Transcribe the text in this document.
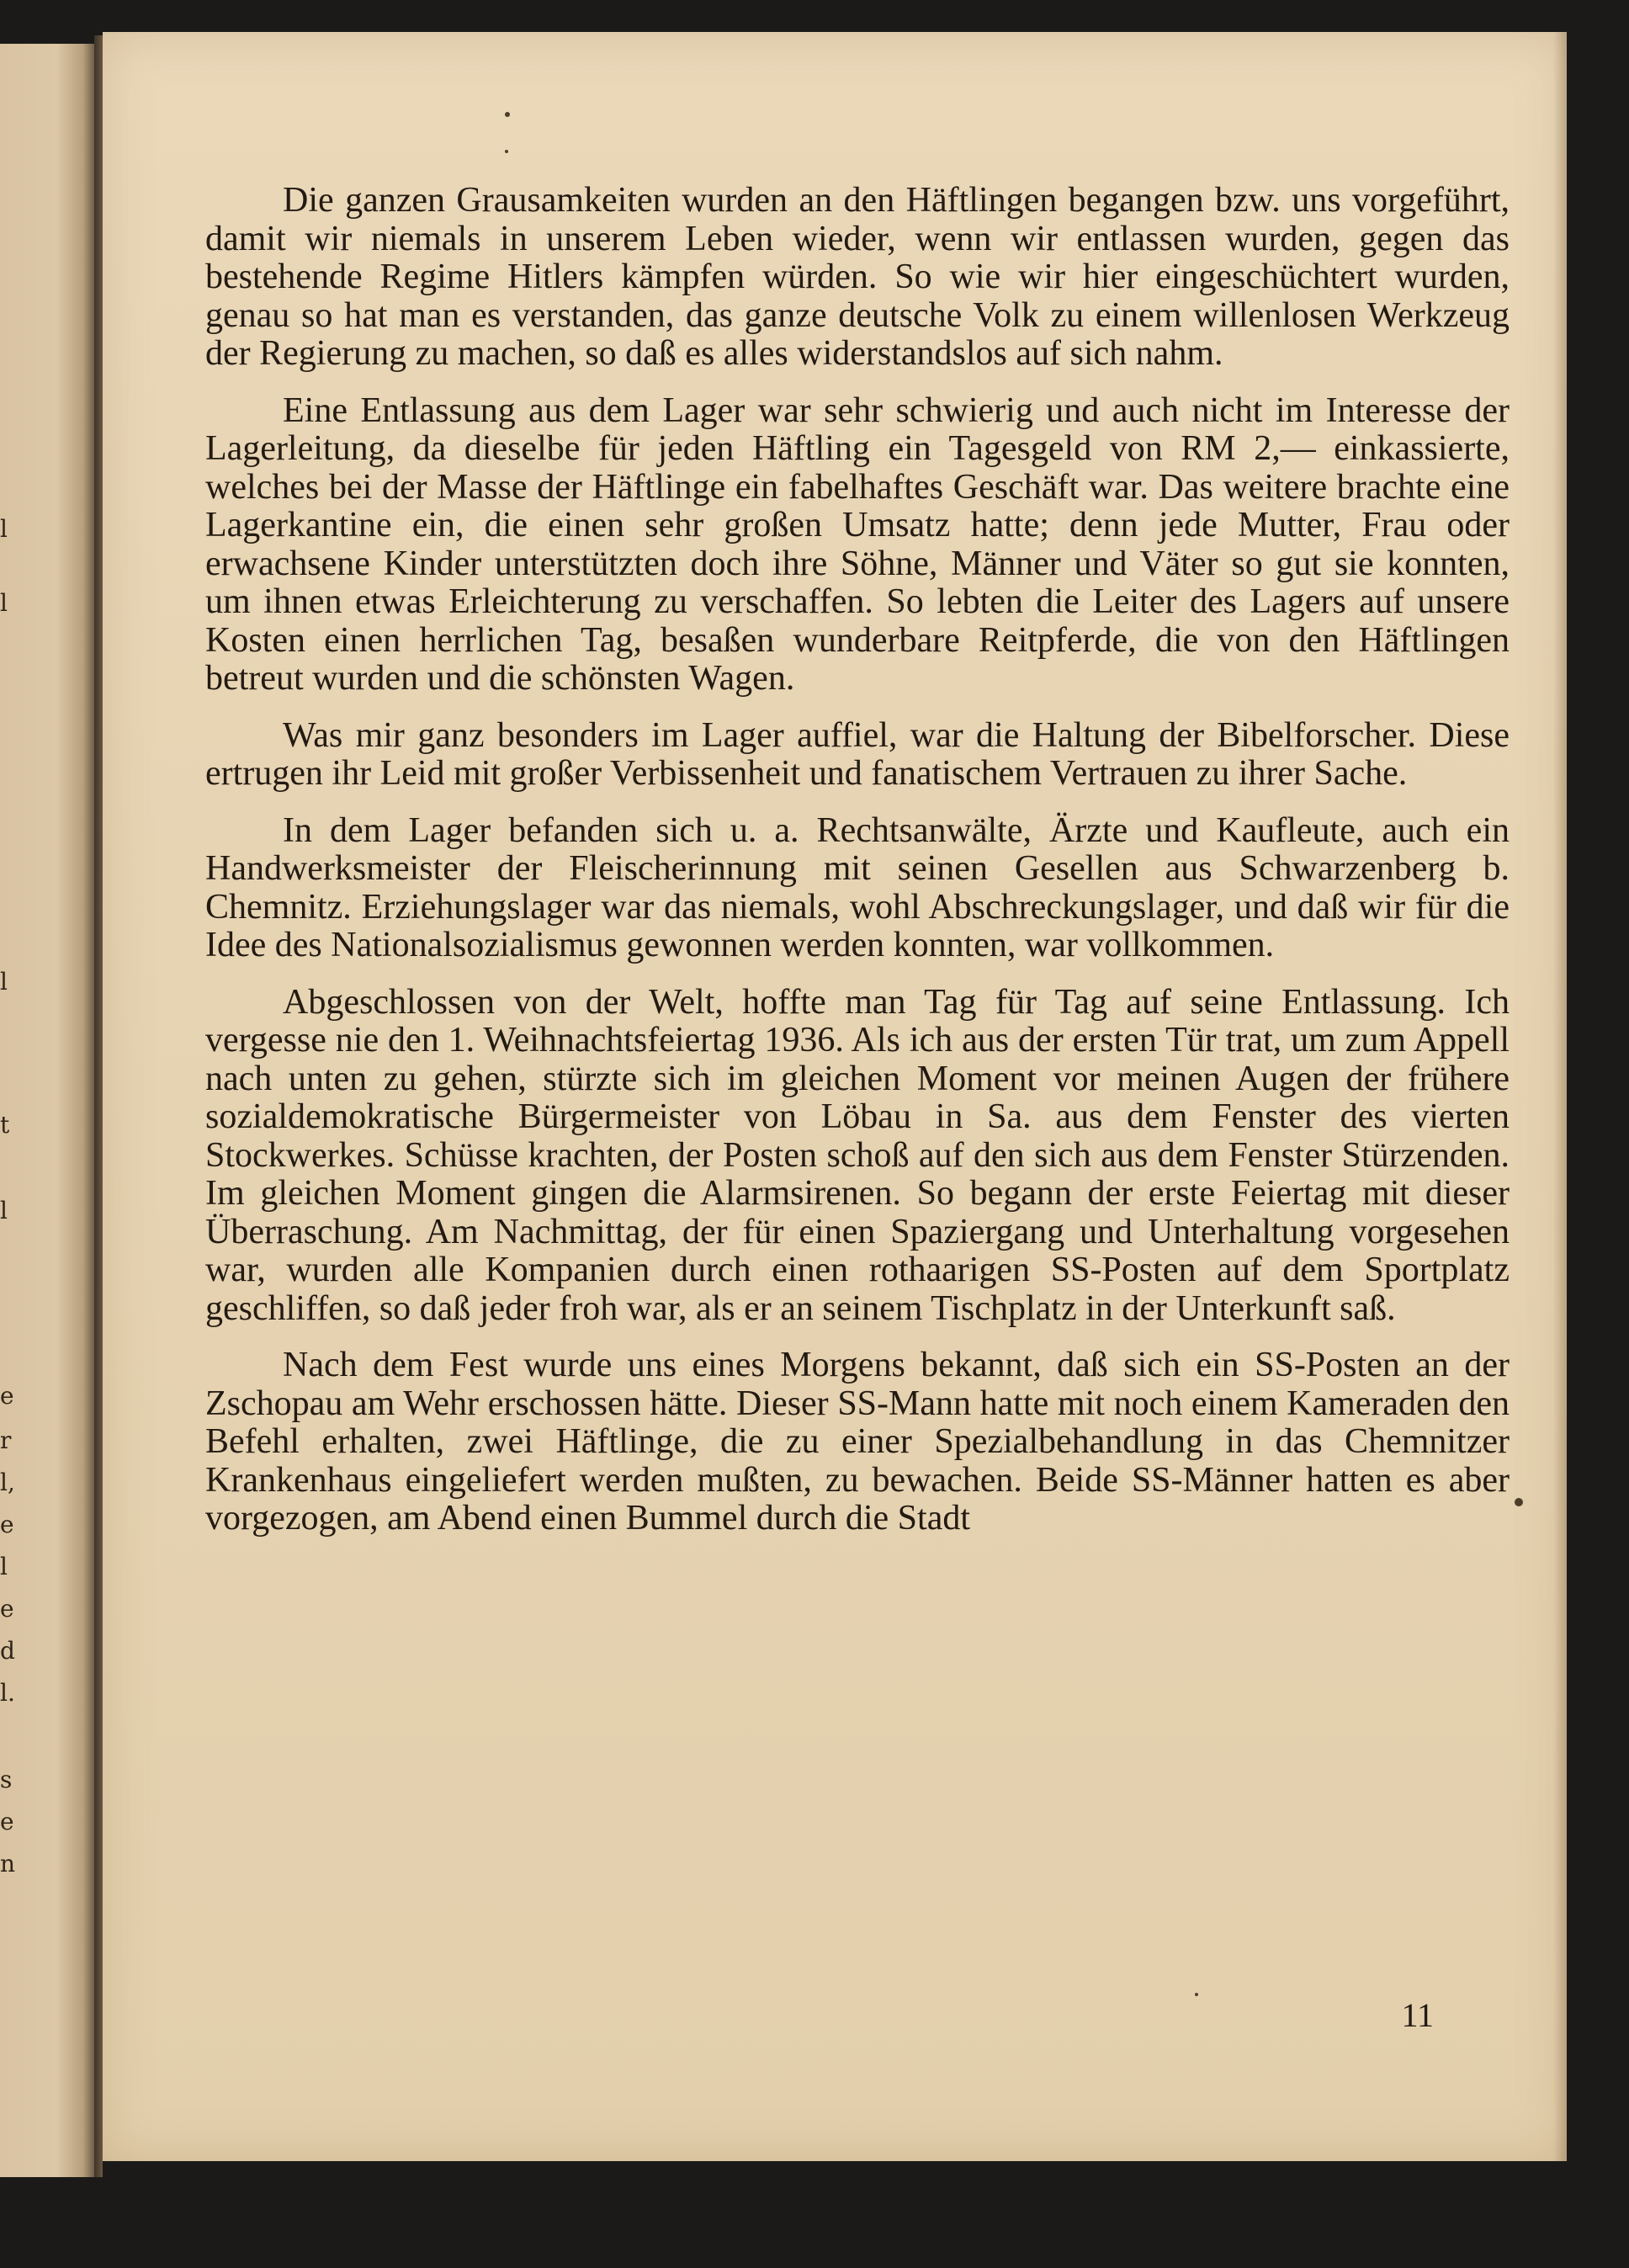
l
l
l
t
l
e
r
l,
e
l
e
d
l.
s
e
n

Die ganzen Grausamkeiten wurden an den Häftlingen begangen bzw. uns vorgeführt, damit wir niemals in unserem Leben wieder, wenn wir entlassen wurden, gegen das bestehende Regime Hitlers kämpfen würden. So wie wir hier eingeschüchtert wurden, genau so hat man es verstanden, das ganze deutsche Volk zu einem willenlosen Werkzeug der Regierung zu machen, so daß es alles widerstandslos auf sich nahm.

Eine Entlassung aus dem Lager war sehr schwierig und auch nicht im Interesse der Lagerleitung, da dieselbe für jeden Häftling ein Tagesgeld von RM 2,— einkassierte, welches bei der Masse der Häftlinge ein fabelhaftes Geschäft war. Das weitere brachte eine Lagerkantine ein, die einen sehr großen Umsatz hatte; denn jede Mutter, Frau oder erwachsene Kinder unterstützten doch ihre Söhne, Männer und Väter so gut sie konnten, um ihnen etwas Erleichterung zu verschaffen. So lebten die Leiter des Lagers auf unsere Kosten einen herrlichen Tag, besaßen wunderbare Reitpferde, die von den Häftlingen betreut wurden und die schönsten Wagen.

Was mir ganz besonders im Lager auffiel, war die Haltung der Bibelforscher. Diese ertrugen ihr Leid mit großer Verbissenheit und fanatischem Vertrauen zu ihrer Sache.

In dem Lager befanden sich u. a. Rechtsanwälte, Ärzte und Kaufleute, auch ein Handwerksmeister der Fleischerinnung mit seinen Gesellen aus Schwarzenberg b. Chemnitz. Erziehungslager war das niemals, wohl Abschreckungslager, und daß wir für die Idee des Nationalsozialismus gewonnen werden konnten, war vollkommen.

Abgeschlossen von der Welt, hoffte man Tag für Tag auf seine Entlassung. Ich vergesse nie den 1. Weihnachtsfeiertag 1936. Als ich aus der ersten Tür trat, um zum Appell nach unten zu gehen, stürzte sich im gleichen Moment vor meinen Augen der frühere sozialdemokratische Bürgermeister von Löbau in Sa. aus dem Fenster des vierten Stockwerkes. Schüsse krachten, der Posten schoß auf den sich aus dem Fenster Stürzenden. Im gleichen Moment gingen die Alarmsirenen. So begann der erste Feiertag mit dieser Überraschung. Am Nachmittag, der für einen Spaziergang und Unterhaltung vorgesehen war, wurden alle Kompanien durch einen rothaarigen SS-Posten auf dem Sportplatz geschliffen, so daß jeder froh war, als er an seinem Tischplatz in der Unterkunft saß.

Nach dem Fest wurde uns eines Morgens bekannt, daß sich ein SS-Posten an der Zschopau am Wehr erschossen hätte. Dieser SS-Mann hatte mit noch einem Kameraden den Befehl erhalten, zwei Häftlinge, die zu einer Spezialbehandlung in das Chemnitzer Krankenhaus eingeliefert werden mußten, zu bewachen. Beide SS-Männer hatten es aber vorgezogen, am Abend einen Bummel durch die Stadt

11
